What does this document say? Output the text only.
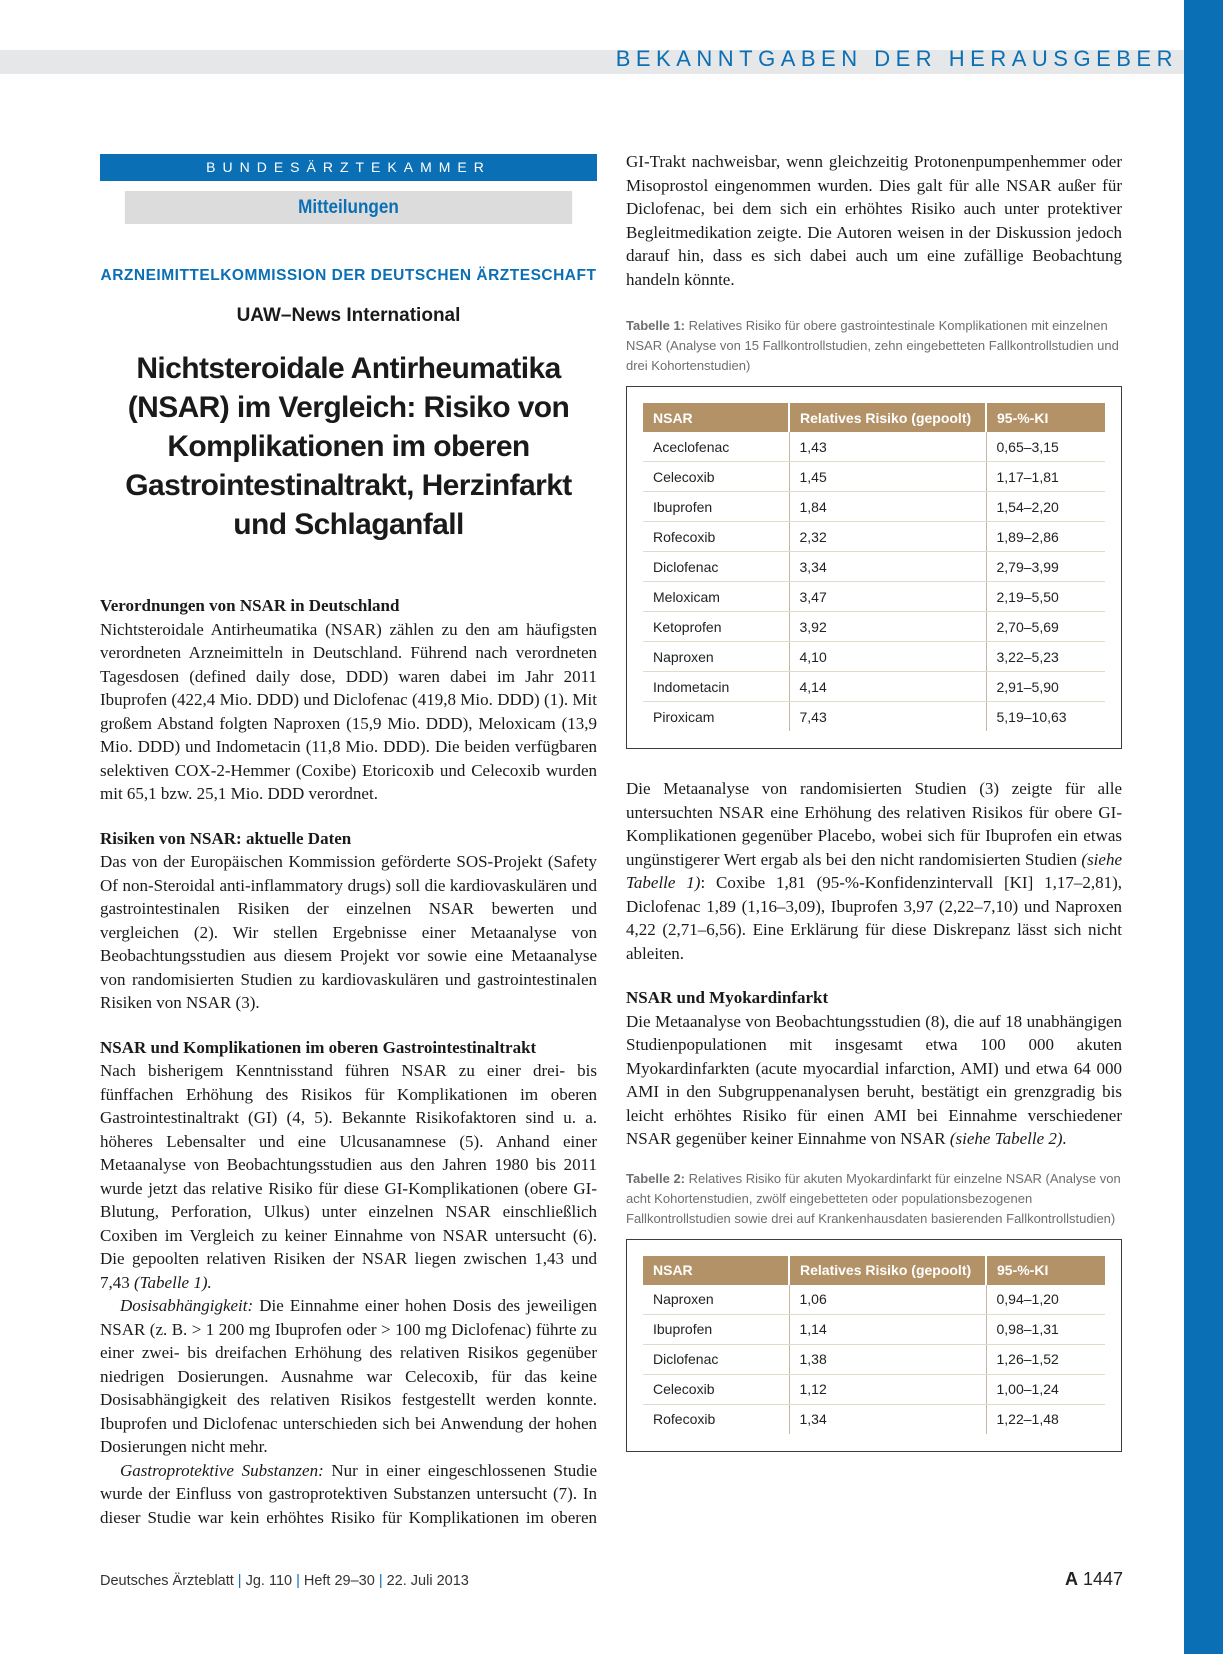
BEKANNTGABEN DER HERAUSGEBER
BUNDESÄRZTEKAMMER
Mitteilungen
ARZNEIMITTELKOMMISSION DER DEUTSCHEN ÄRZTESCHAFT
UAW–News International
Nichtsteroidale Antirheumatika (NSAR) im Vergleich: Risiko von Komplikationen im oberen Gastrointestinaltrakt, Herzinfarkt und Schlaganfall
Verordnungen von NSAR in Deutschland

Nichtsteroidale Antirheumatika (NSAR) zählen zu den am häufigsten verordneten Arzneimitteln in Deutschland. Führend nach verordneten Tagesdosen (defined daily dose, DDD) waren dabei im Jahr 2011 Ibuprofen (422,4 Mio. DDD) und Diclofenac (419,8 Mio. DDD) (1). Mit großem Abstand folgten Naproxen (15,9 Mio. DDD), Meloxicam (13,9 Mio. DDD) und Indometacin (11,8 Mio. DDD). Die beiden verfügbaren selektiven COX-2-Hemmer (Coxibe) Etoricoxib und Celecoxib wurden mit 65,1 bzw. 25,1 Mio. DDD verordnet.

Risiken von NSAR: aktuelle Daten

Das von der Europäischen Kommission geförderte SOS-Projekt (Safety Of non-Steroidal anti-inflammatory drugs) soll die kardiovaskulären und gastrointestinalen Risiken der einzelnen NSAR bewerten und vergleichen (2). Wir stellen Ergebnisse einer Metaanalyse von Beobachtungsstudien aus diesem Projekt vor sowie eine Metaanalyse von randomisierten Studien zu kardiovaskulären und gastrointestinalen Risiken von NSAR (3).

NSAR und Komplikationen im oberen Gastrointestinaltrakt

Nach bisherigem Kenntnisstand führen NSAR zu einer drei- bis fünffachen Erhöhung des Risikos für Komplikationen im oberen Gastrointestinaltrakt (GI) (4, 5). Bekannte Risikofaktoren sind u. a. höheres Lebensalter und eine Ulcusanamnese (5). Anhand einer Metaanalyse von Beobachtungsstudien aus den Jahren 1980 bis 2011 wurde jetzt das relative Risiko für diese GI-Komplikationen (obere GI-Blutung, Perforation, Ulkus) unter einzelnen NSAR einschließlich Coxiben im Vergleich zu keiner Einnahme von NSAR untersucht (6). Die gepoolten relativen Risiken der NSAR liegen zwischen 1,43 und 7,43 (Tabelle 1).

Dosisabhängigkeit: Die Einnahme einer hohen Dosis des jeweiligen NSAR (z. B. > 1 200 mg Ibuprofen oder > 100 mg Diclofenac) führte zu einer zwei- bis dreifachen Erhöhung des relativen Risikos gegenüber niedrigen Dosierungen. Ausnahme war Celecoxib, für das keine Dosisabhängigkeit des relativen Risikos festgestellt werden konnte. Ibuprofen und Diclofenac unterschieden sich bei Anwendung der hohen Dosierungen nicht mehr.

Gastroprotektive Substanzen: Nur in einer eingeschlossenen Studie wurde der Einfluss von gastroprotektiven Substanzen untersucht (7). In dieser Studie war kein erhöhtes Risiko für Komplikationen im oberen

GI-Trakt nachweisbar, wenn gleichzeitig Protonenpumpenhemmer oder Misoprostol eingenommen wurden. Dies galt für alle NSAR außer für Diclofenac, bei dem sich ein erhöhtes Risiko auch unter protektiver Begleitmedikation zeigte. Die Autoren weisen in der Diskussion jedoch darauf hin, dass es sich dabei auch um eine zufällige Beobachtung handeln könnte.

Tabelle 1: Relatives Risiko für obere gastrointestinale Komplikationen mit einzelnen NSAR (Analyse von 15 Fallkontrollstudien, zehn eingebetteten Fallkontrollstudien und drei Kohortenstudien)
NSAR	Relatives Risiko (gepoolt)	95-%-KI
Aceclofenac	1,43	0,65–3,15
Celecoxib	1,45	1,17–1,81
Ibuprofen	1,84	1,54–2,20
Rofecoxib	2,32	1,89–2,86
Diclofenac	3,34	2,79–3,99
Meloxicam	3,47	2,19–5,50
Ketoprofen	3,92	2,70–5,69
Naproxen	4,10	3,22–5,23
Indometacin	4,14	2,91–5,90
Piroxicam	7,43	5,19–10,63

Die Metaanalyse von randomisierten Studien (3) zeigte für alle untersuchten NSAR eine Erhöhung des relativen Risikos für obere GI-Komplikationen gegenüber Placebo, wobei sich für Ibuprofen ein etwas ungünstigerer Wert ergab als bei den nicht randomisierten Studien (siehe Tabelle 1): Coxibe 1,81 (95-%-Konfidenzintervall [KI] 1,17–2,81), Diclofenac 1,89 (1,16–3,09), Ibuprofen 3,97 (2,22–7,10) und Naproxen 4,22 (2,71–6,56). Eine Erklärung für diese Diskrepanz lässt sich nicht ableiten.

NSAR und Myokardinfarkt

Die Metaanalyse von Beobachtungsstudien (8), die auf 18 unabhängigen Studienpopulationen mit insgesamt etwa 100 000 akuten Myokardinfarkten (acute myocardial infarction, AMI) und etwa 64 000 AMI in den Subgruppenanalysen beruht, bestätigt ein grenzgradig bis leicht erhöhtes Risiko für einen AMI bei Einnahme verschiedener NSAR gegenüber keiner Einnahme von NSAR (siehe Tabelle 2).

Tabelle 2: Relatives Risiko für akuten Myokardinfarkt für einzelne NSAR (Analyse von acht Kohortenstudien, zwölf eingebetteten oder populationsbezogenen Fallkontrollstudien sowie drei auf Krankenhausdaten basierenden Fallkontrollstudien)
NSAR	Relatives Risiko (gepoolt)	95-%-KI
Naproxen	1,06	0,94–1,20
Ibuprofen	1,14	0,98–1,31
Diclofenac	1,38	1,26–1,52
Celecoxib	1,12	1,00–1,24
Rofecoxib	1,34	1,22–1,48
Deutsches Ärzteblatt | Jg. 110 | Heft 29–30 | 22. Juli 2013	A 1447
